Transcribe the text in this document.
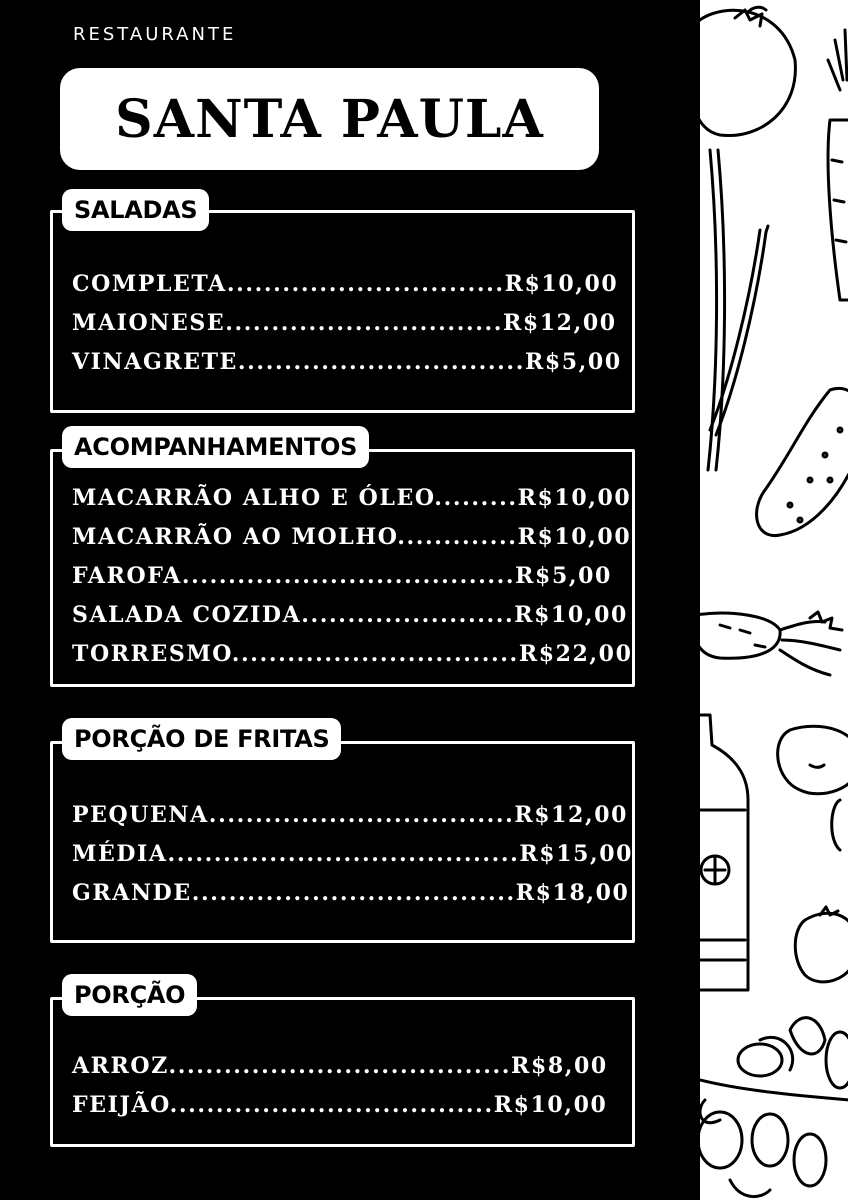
RESTAURANTE
SANTA PAULA
SALADAS
COMPLETA..............................R$10,00
MAIONESE..............................R$12,00
VINAGRETE...............................R$5,00
ACOMPANHAMENTOS
MACARRÃO ALHO E ÓLEO.........R$10,00
MACARRÃO AO MOLHO.............R$10,00
FAROFA....................................R$5,00
SALADA COZIDA.......................R$10,00
TORRESMO...............................R$22,00
PORÇÃO DE FRITAS
PEQUENA.................................R$12,00
MÉDIA......................................R$15,00
GRANDE...................................R$18,00
PORÇÃO
ARROZ.....................................R$8,00
FEIJÃO...................................R$10,00
